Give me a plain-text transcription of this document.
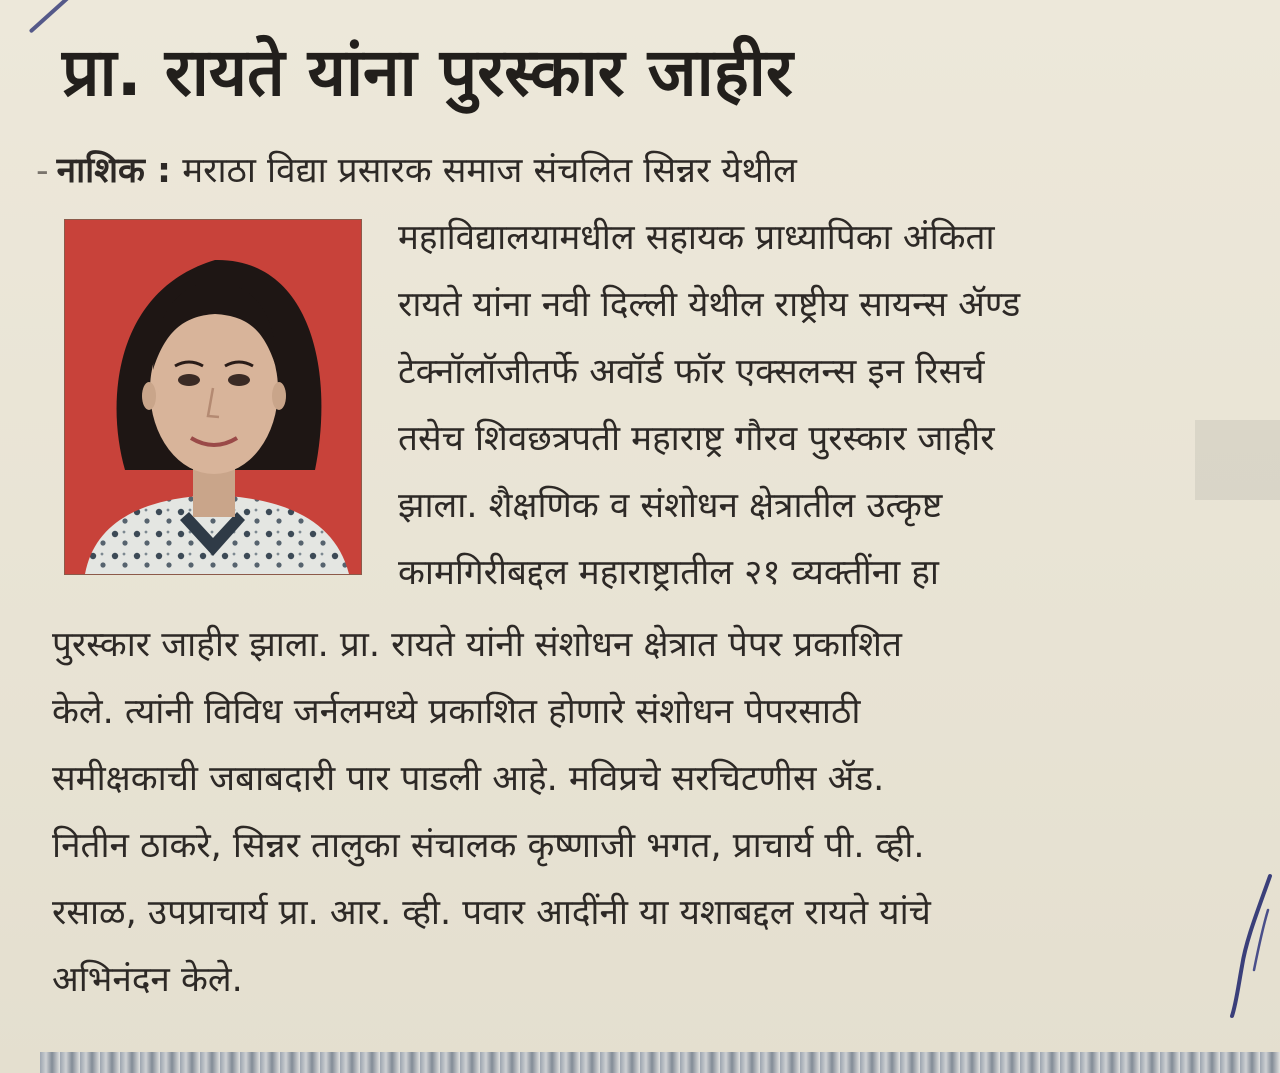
प्रा. रायते यांना पुरस्कार जाहीर
- नाशिक : मराठा विद्या प्रसारक समाज संचलित सिन्नर येथील
महाविद्यालयामधील सहायक प्राध्यापिका अंकिता
रायते यांना नवी दिल्ली येथील राष्ट्रीय सायन्स ॲण्ड
टेक्नॉलॉजीतर्फे अवॉर्ड फॉर एक्सलन्स इन रिसर्च
तसेच शिवछत्रपती महाराष्ट्र गौरव पुरस्कार जाहीर
झाला. शैक्षणिक व संशोधन क्षेत्रातील उत्कृष्ट
कामगिरीबद्दल महाराष्ट्रातील २१ व्यक्तींना हा
पुरस्कार जाहीर झाला. प्रा. रायते यांनी संशोधन क्षेत्रात पेपर प्रकाशित
केले. त्यांनी विविध जर्नलमध्ये प्रकाशित होणारे संशोधन पेपरसाठी
समीक्षकाची जबाबदारी पार पाडली आहे. मविप्रचे सरचिटणीस ॲड.
नितीन ठाकरे, सिन्नर तालुका संचालक कृष्णाजी भगत, प्राचार्य पी. व्ही.
रसाळ, उपप्राचार्य प्रा. आर. व्ही. पवार आदींनी या यशाबद्दल रायते यांचे
अभिनंदन केले.
